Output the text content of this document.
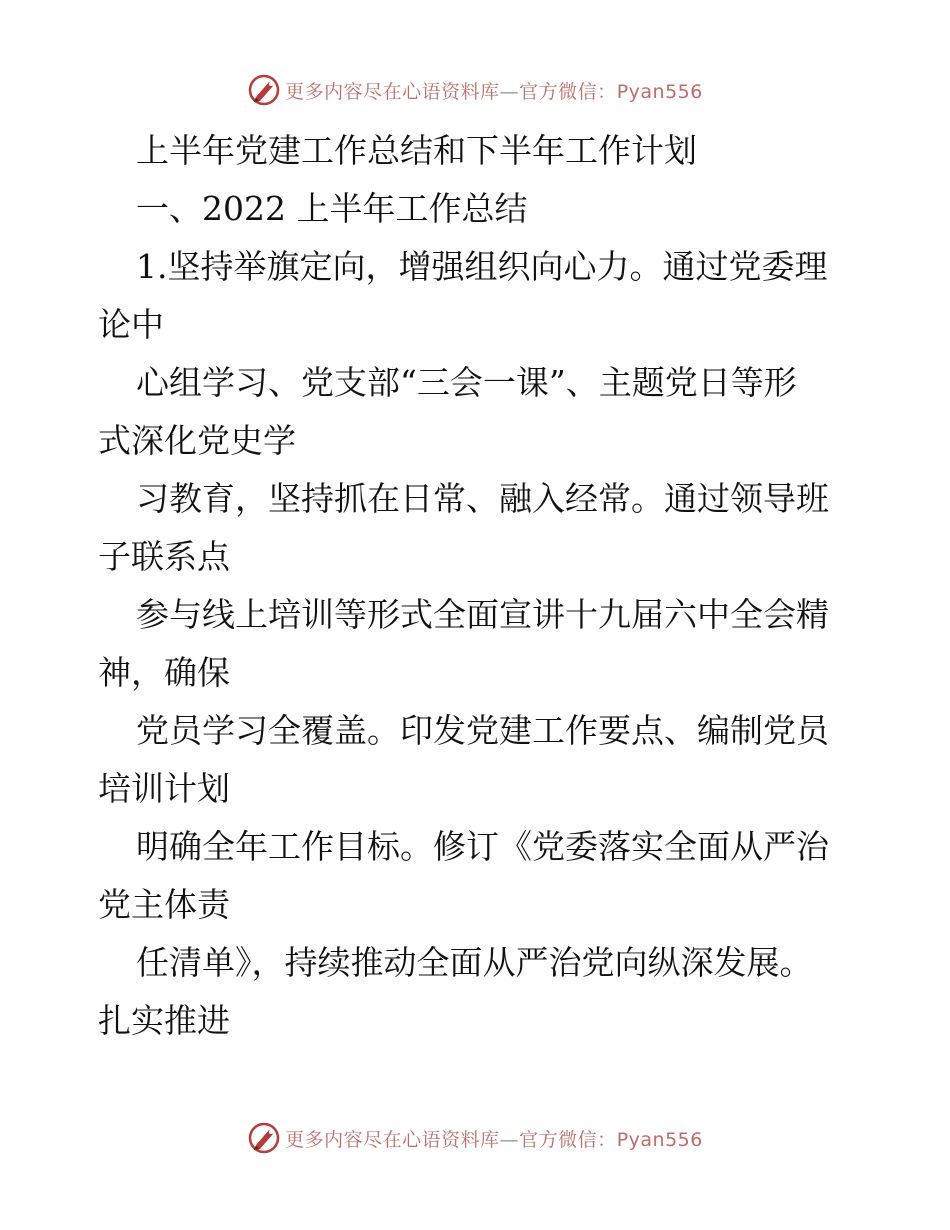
更多内容尽在心语资料库—官方微信：Pyan556
上半年党建工作总结和下半年工作计划
一、2022 上半年工作总结
1.坚持举旗定向，增强组织向心力。通过党委理
论中
心组学习、党支部“三会一课”、主题党日等形
式深化党史学
习教育，坚持抓在日常、融入经常。通过领导班
子联系点
参与线上培训等形式全面宣讲十九届六中全会精
神，确保
党员学习全覆盖。印发党建工作要点、编制党员
培训计划
明确全年工作目标。修订《党委落实全面从严治
党主体责
任清单》，持续推动全面从严治党向纵深发展。
扎实推进
更多内容尽在心语资料库—官方微信：Pyan556
